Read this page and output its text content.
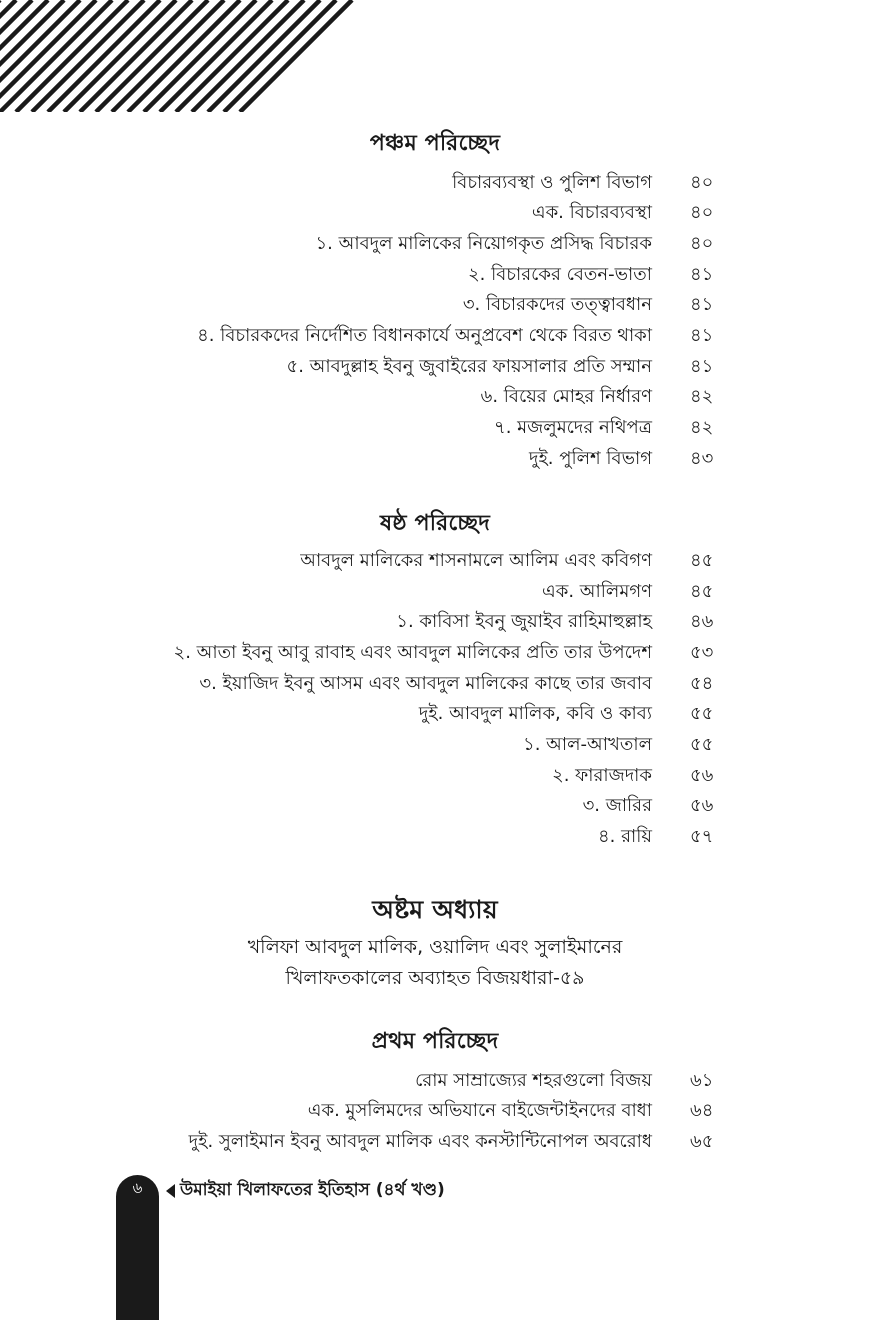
পঞ্চম পরিচ্ছেদ
বিচারব্যবস্থা ও পুলিশ বিভাগ ৪০
এক. বিচারব্যবস্থা ৪০
১. আবদুল মালিকের নিয়োগকৃত প্রসিদ্ধ বিচারক ৪০
২. বিচারকের বেতন-ভাতা ৪১
৩. বিচারকদের তত্ত্বাবধান ৪১
৪. বিচারকদের নির্দেশিত বিধানকার্যে অনুপ্রবেশ থেকে বিরত থাকা ৪১
৫. আবদুল্লাহ ইবনু জুবাইরের ফায়সালার প্রতি সম্মান ৪১
৬. বিয়ের মোহর নির্ধারণ ৪২
৭. মজলুমদের নথিপত্র ৪২
দুই. পুলিশ বিভাগ ৪৩
ষষ্ঠ পরিচ্ছেদ
আবদুল মালিকের শাসনামলে আলিম এবং কবিগণ ৪৫
এক. আলিমগণ ৪৫
১. কাবিসা ইবনু জুয়াইব রাহিমাহুল্লাহ ৪৬
২. আতা ইবনু আবু রাবাহ এবং আবদুল মালিকের প্রতি তার উপদেশ ৫৩
৩. ইয়াজিদ ইবনু আসম এবং আবদুল মালিকের কাছে তার জবাব ৫৪
দুই. আবদুল মালিক, কবি ও কাব্য ৫৫
১. আল-আখতাল ৫৫
২. ফারাজদাক ৫৬
৩. জারির ৫৬
৪. রায়ি ৫৭
অষ্টম অধ্যায়
খলিফা আবদুল মালিক, ওয়ালিদ এবং সুলাইমানের
খিলাফতকালের অব্যাহত বিজয়ধারা-৫৯
প্রথম পরিচ্ছেদ
রোম সাম্রাজ্যের শহরগুলো বিজয় ৬১
এক. মুসলিমদের অভিযানে বাইজেন্টাইনদের বাধা ৬৪
দুই. সুলাইমান ইবনু আবদুল মালিক এবং কনস্টান্টিনোপল অবরোধ ৬৫
৬	উমাইয়া খিলাফতের ইতিহাস (৪র্থ খণ্ড)
